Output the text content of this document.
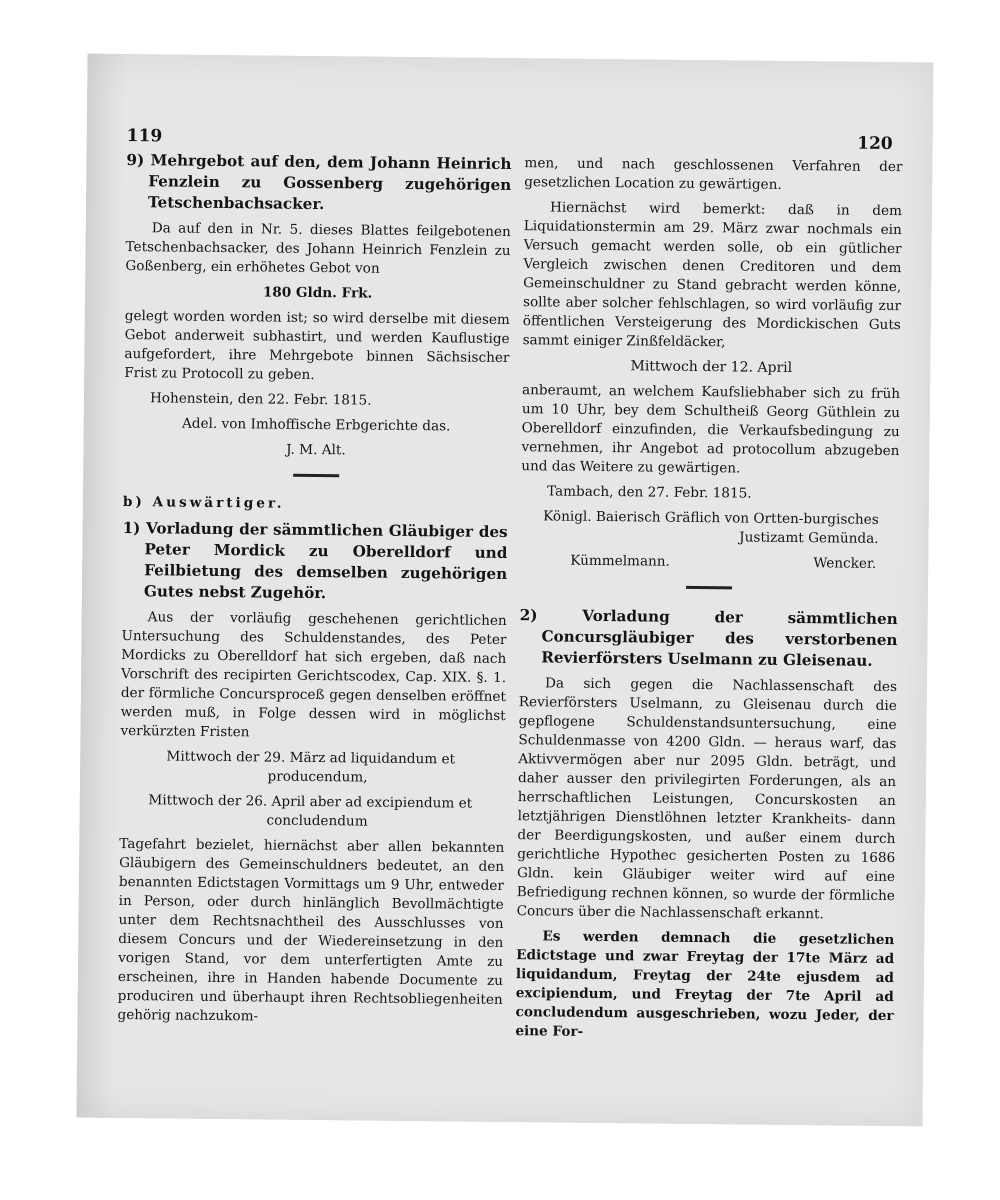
119	120

9) Mehrgebot auf den, dem Johann Heinrich Fenzlein zu Gossenberg zugehörigen Tetschenbachsacker.

Da auf den in Nr. 5. dieses Blattes feilgebotenen Tetschenbachsacker, des Johann Heinrich Fenzlein zu Goßenberg, ein erhöhetes Gebot von

180 Gldn. Frk.

gelegt worden worden ist; so wird derselbe mit diesem Gebot anderweit subhastirt, und werden Kauflustige aufgefordert, ihre Mehrgebote binnen Sächsischer Frist zu Protocoll zu geben.

Hohenstein, den 22. Febr. 1815.

Adel. von Imhoffische Erbgerichte das.

J. M. Alt.

b) Auswärtiger.

1) Vorladung der sämmtlichen Gläubiger des Peter Mordick zu Oberelldorf und Feilbietung des demselben zugehörigen Gutes nebst Zugehör.

Aus der vorläufig geschehenen gerichtlichen Untersuchung des Schuldenstandes, des Peter Mordicks zu Oberelldorf hat sich ergeben, daß nach Vorschrift des recipirten Gerichtscodex, Cap. XIX. §. 1. der förmliche Concursproceß gegen denselben eröffnet werden muß, in Folge dessen wird in möglichst verkürzten Fristen

Mittwoch der 29. März ad liquidandum et producendum,

Mittwoch der 26. April aber ad excipiendum et concludendum

Tagefahrt bezielet, hiernächst aber allen bekannten Gläubigern des Gemeinschuldners bedeutet, an den benannten Edictstagen Vormittags um 9 Uhr, entweder in Person, oder durch hinlänglich Bevollmächtigte unter dem Rechtsnachtheil des Ausschlusses von diesem Concurs und der Wiedereinsetzung in den vorigen Stand, vor dem unterfertigten Amte zu erscheinen, ihre in Handen habende Documente zu produciren und überhaupt ihren Rechtsobliegenheiten gehörig nachzukom-

men, und nach geschlossenen Verfahren der gesetzlichen Location zu gewärtigen.

Hiernächst wird bemerkt: daß in dem Liquidationstermin am 29. März zwar nochmals ein Versuch gemacht werden solle, ob ein gütlicher Vergleich zwischen denen Creditoren und dem Gemeinschuldner zu Stand gebracht werden könne, sollte aber solcher fehlschlagen, so wird vorläufig zur öffentlichen Versteigerung des Mordickischen Guts sammt einiger Zinßfeldäcker,

Mittwoch der 12. April

anberaumt, an welchem Kaufsliebhaber sich zu früh um 10 Uhr, bey dem Schultheiß Georg Güthlein zu Oberelldorf einzufinden, die Verkaufsbedingung zu vernehmen, ihr Angebot ad protocollum abzugeben und das Weitere zu gewärtigen.

Tambach, den 27. Febr. 1815.

Königl. Baierisch Gräflich von Ortten-burgisches Justizamt Gemünda.

Kümmelmann.	Wencker.

2) Vorladung der sämmtlichen Concursgläubiger des verstorbenen Revierförsters Uselmann zu Gleisenau.

Da sich gegen die Nachlassenschaft des Revierförsters Uselmann, zu Gleisenau durch die gepflogene Schuldenstandsuntersuchung, eine Schuldenmasse von 4200 Gldn. — heraus warf, das Aktivvermögen aber nur 2095 Gldn. beträgt, und daher ausser den privilegirten Forderungen, als an herrschaftlichen Leistungen, Concurskosten an letztjährigen Dienstlöhnen letzter Krankheits- dann der Beerdigungskosten, und außer einem durch gerichtliche Hypothec gesicherten Posten zu 1686 Gldn. kein Gläubiger weiter wird auf eine Befriedigung rechnen können, so wurde der förmliche Concurs über die Nachlassenschaft erkannt.

Es werden demnach die gesetzlichen Edictstage und zwar Freytag der 17te März ad liquidandum, Freytag der 24te ejusdem ad excipiendum, und Freytag der 7te April ad concludendum ausgeschrieben, wozu Jeder, der eine For-
